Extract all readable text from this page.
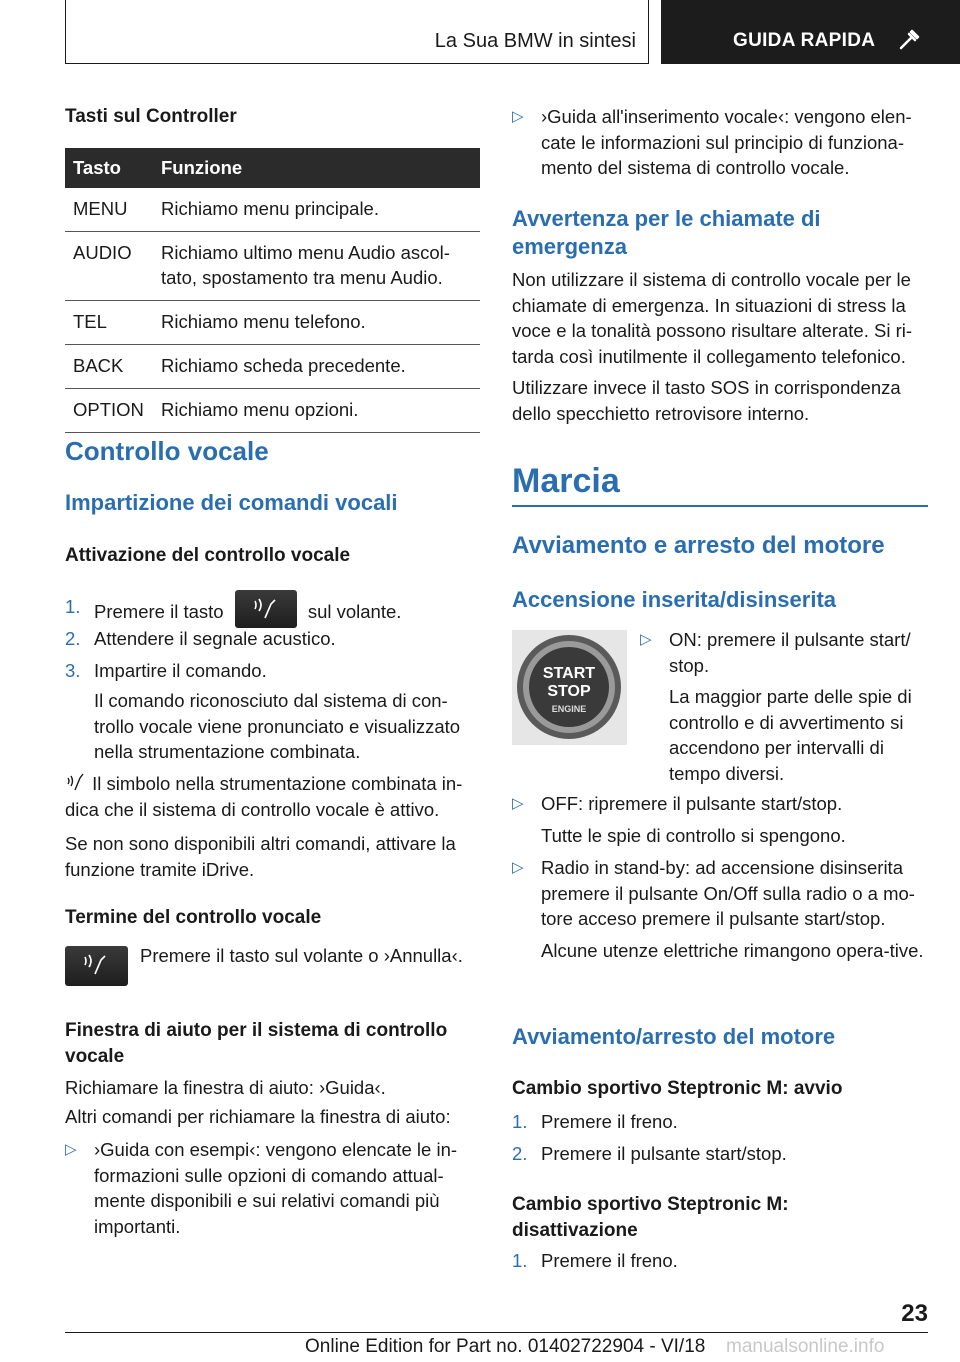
La Sua BMW in sintesi	GUIDA RAPIDA
Tasti sul Controller
Tasto	Funzione
MENU	Richiamo menu principale.
AUDIO	Richiamo ultimo menu Audio ascol-tato, spostamento tra menu Audio.
TEL	Richiamo menu telefono.
BACK	Richiamo scheda precedente.
OPTION	Richiamo menu opzioni.
Controllo vocale
Impartizione dei comandi vocali
Attivazione del controllo vocale
1. Premere il tasto	sul volante.
2. Attendere il segnale acustico.
3. Impartire il comando.
Il comando riconosciuto dal sistema di con-trollo vocale viene pronunciato e visualizzato nella strumentazione combinata.
Il simbolo nella strumentazione combinata in-dica che il sistema di controllo vocale è attivo.
Se non sono disponibili altri comandi, attivare la funzione tramite iDrive.
Termine del controllo vocale
Premere il tasto sul volante o ›Annulla‹.
Finestra di aiuto per il sistema di controllo vocale
Richiamare la finestra di aiuto: ›Guida‹.
Altri comandi per richiamare la finestra di aiuto:
▷ ›Guida con esempi‹: vengono elencate le in-formazioni sulle opzioni di comando attual-mente disponibili e sui relativi comandi più importanti.
▷ ›Guida all'inserimento vocale‹: vengono elen-cate le informazioni sul principio di funziona-mento del sistema di controllo vocale.
Avvertenza per le chiamate di emergenza
Non utilizzare il sistema di controllo vocale per le chiamate di emergenza. In situazioni di stress la voce e la tonalità possono risultare alterate. Si ri-tarda così inutilmente il collegamento telefonico.
Utilizzare invece il tasto SOS in corrispondenza dello specchietto retrovisore interno.
Marcia
Avviamento e arresto del motore
Accensione inserita/disinserita
▷ ON: premere il pulsante start/ stop.
La maggior parte delle spie di controllo e di avvertimento si accendono per intervalli di tempo diversi.
▷ OFF: ripremere il pulsante start/stop.
Tutte le spie di controllo si spengono.
▷ Radio in stand-by: ad accensione disinserita premere il pulsante On/Off sulla radio o a mo-tore acceso premere il pulsante start/stop.
Alcune utenze elettriche rimangono opera-tive.
Avviamento/arresto del motore
Cambio sportivo Steptronic M: avvio
1. Premere il freno.
2. Premere il pulsante start/stop.
Cambio sportivo Steptronic M: disattivazione
1. Premere il freno.
START
STOP
ENGINE
23
Online Edition for Part no. 01402722904 - VI/18 manualsonline.info
